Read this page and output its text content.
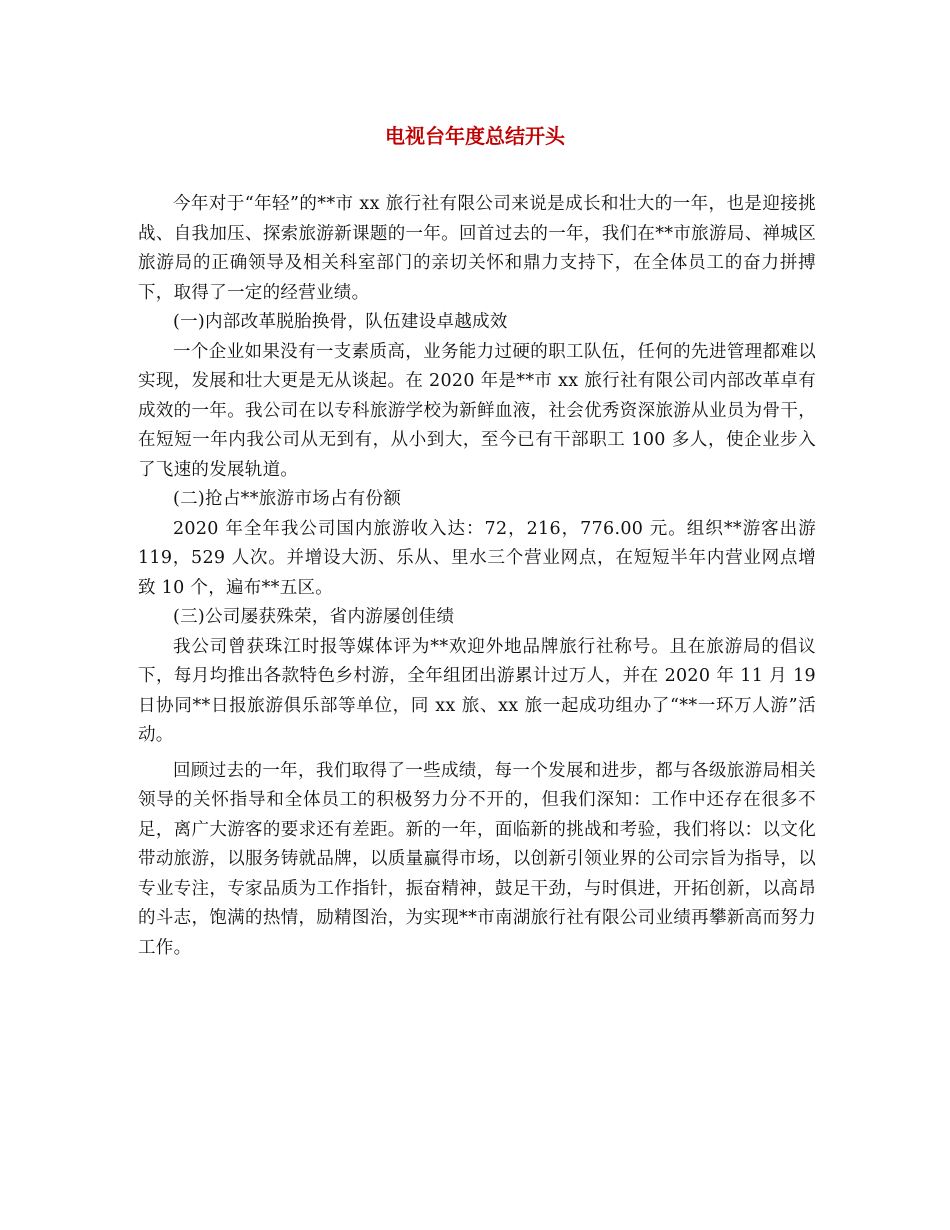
电视台年度总结开头

今年对于“年轻”的**市 xx 旅行社有限公司来说是成长和壮大的一年，也是迎接挑战、自我加压、探索旅游新课题的一年。回首过去的一年，我们在**市旅游局、禅城区旅游局的正确领导及相关科室部门的亲切关怀和鼎力支持下，在全体员工的奋力拼搏下，取得了一定的经营业绩。

(一)内部改革脱胎换骨，队伍建设卓越成效

一个企业如果没有一支素质高，业务能力过硬的职工队伍，任何的先进管理都难以实现，发展和壮大更是无从谈起。在 2020 年是**市 xx 旅行社有限公司内部改革卓有成效的一年。我公司在以专科旅游学校为新鲜血液，社会优秀资深旅游从业员为骨干，在短短一年内我公司从无到有，从小到大，至今已有干部职工 100 多人，使企业步入了飞速的发展轨道。

(二)抢占**旅游市场占有份额

2020 年全年我公司国内旅游收入达：72，216，776.00 元。组织**游客出游 119，529 人次。并增设大沥、乐从、里水三个营业网点，在短短半年内营业网点增致 10 个，遍布**五区。

(三)公司屡获殊荣，省内游屡创佳绩

我公司曾获珠江时报等媒体评为**欢迎外地品牌旅行社称号。且在旅游局的倡议下，每月均推出各款特色乡村游，全年组团出游累计过万人，并在 2020 年 11 月 19 日协同**日报旅游俱乐部等单位，同 xx 旅、xx 旅一起成功组办了“**一环万人游”活动。

回顾过去的一年，我们取得了一些成绩，每一个发展和进步，都与各级旅游局相关领导的关怀指导和全体员工的积极努力分不开的，但我们深知：工作中还存在很多不足，离广大游客的要求还有差距。新的一年，面临新的挑战和考验，我们将以：以文化带动旅游，以服务铸就品牌，以质量赢得市场，以创新引领业界的公司宗旨为指导，以专业专注，专家品质为工作指针，振奋精神，鼓足干劲，与时俱进，开拓创新，以高昂的斗志，饱满的热情，励精图治，为实现**市南湖旅行社有限公司业绩再攀新高而努力工作。
